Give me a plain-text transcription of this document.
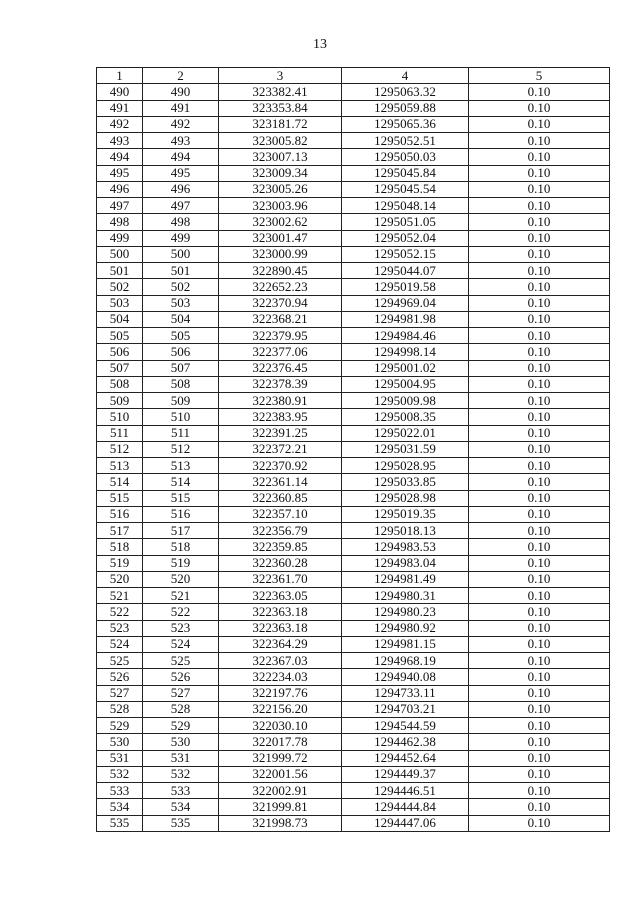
13
1	2	3	4	5
490	490	323382.41	1295063.32	0.10
491	491	323353.84	1295059.88	0.10
492	492	323181.72	1295065.36	0.10
493	493	323005.82	1295052.51	0.10
494	494	323007.13	1295050.03	0.10
495	495	323009.34	1295045.84	0.10
496	496	323005.26	1295045.54	0.10
497	497	323003.96	1295048.14	0.10
498	498	323002.62	1295051.05	0.10
499	499	323001.47	1295052.04	0.10
500	500	323000.99	1295052.15	0.10
501	501	322890.45	1295044.07	0.10
502	502	322652.23	1295019.58	0.10
503	503	322370.94	1294969.04	0.10
504	504	322368.21	1294981.98	0.10
505	505	322379.95	1294984.46	0.10
506	506	322377.06	1294998.14	0.10
507	507	322376.45	1295001.02	0.10
508	508	322378.39	1295004.95	0.10
509	509	322380.91	1295009.98	0.10
510	510	322383.95	1295008.35	0.10
511	511	322391.25	1295022.01	0.10
512	512	322372.21	1295031.59	0.10
513	513	322370.92	1295028.95	0.10
514	514	322361.14	1295033.85	0.10
515	515	322360.85	1295028.98	0.10
516	516	322357.10	1295019.35	0.10
517	517	322356.79	1295018.13	0.10
518	518	322359.85	1294983.53	0.10
519	519	322360.28	1294983.04	0.10
520	520	322361.70	1294981.49	0.10
521	521	322363.05	1294980.31	0.10
522	522	322363.18	1294980.23	0.10
523	523	322363.18	1294980.92	0.10
524	524	322364.29	1294981.15	0.10
525	525	322367.03	1294968.19	0.10
526	526	322234.03	1294940.08	0.10
527	527	322197.76	1294733.11	0.10
528	528	322156.20	1294703.21	0.10
529	529	322030.10	1294544.59	0.10
530	530	322017.78	1294462.38	0.10
531	531	321999.72	1294452.64	0.10
532	532	322001.56	1294449.37	0.10
533	533	322002.91	1294446.51	0.10
534	534	321999.81	1294444.84	0.10
535	535	321998.73	1294447.06	0.10
